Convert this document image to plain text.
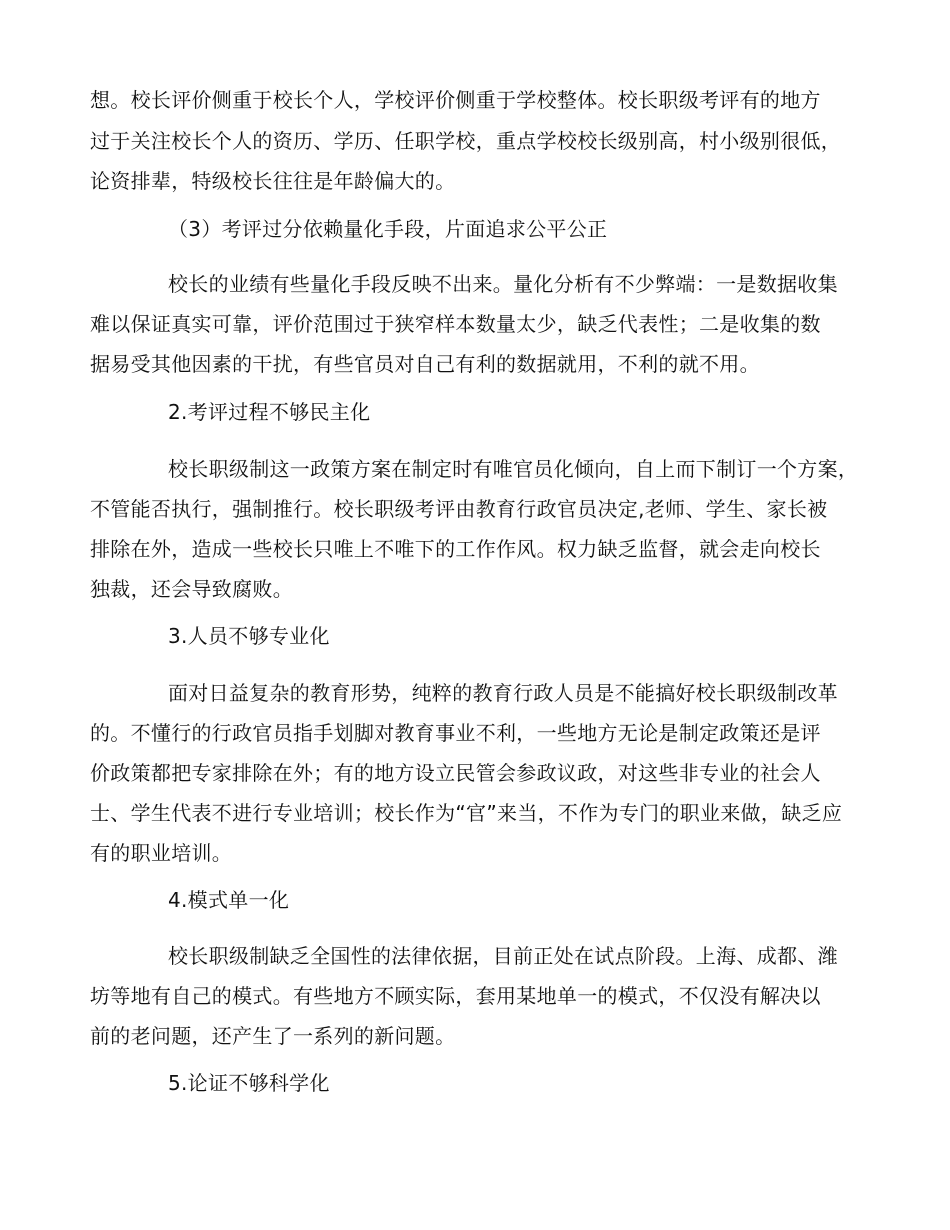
想。校长评价侧重于校长个人，学校评价侧重于学校整体。校长职级考评有的地方
过于关注校长个人的资历、学历、任职学校，重点学校校长级别高，村小级别很低，
论资排辈，特级校长往往是年龄偏大的。
（3）考评过分依赖量化手段，片面追求公平公正
校长的业绩有些量化手段反映不出来。量化分析有不少弊端：一是数据收集
难以保证真实可靠，评价范围过于狭窄样本数量太少，缺乏代表性；二是收集的数
据易受其他因素的干扰，有些官员对自己有利的数据就用，不利的就不用。
2.考评过程不够民主化
校长职级制这一政策方案在制定时有唯官员化倾向，自上而下制订一个方案，
不管能否执行，强制推行。校长职级考评由教育行政官员决定,老师、学生、家长被
排除在外，造成一些校长只唯上不唯下的工作作风。权力缺乏监督，就会走向校长
独裁，还会导致腐败。
3.人员不够专业化
面对日益复杂的教育形势，纯粹的教育行政人员是不能搞好校长职级制改革
的。不懂行的行政官员指手划脚对教育事业不利，一些地方无论是制定政策还是评
价政策都把专家排除在外；有的地方设立民管会参政议政，对这些非专业的社会人
士、学生代表不进行专业培训；校长作为“官”来当，不作为专门的职业来做，缺乏应
有的职业培训。
4.模式单一化
校长职级制缺乏全国性的法律依据，目前正处在试点阶段。上海、成都、潍
坊等地有自己的模式。有些地方不顾实际，套用某地单一的模式，不仅没有解决以
前的老问题，还产生了一系列的新问题。
5.论证不够科学化
